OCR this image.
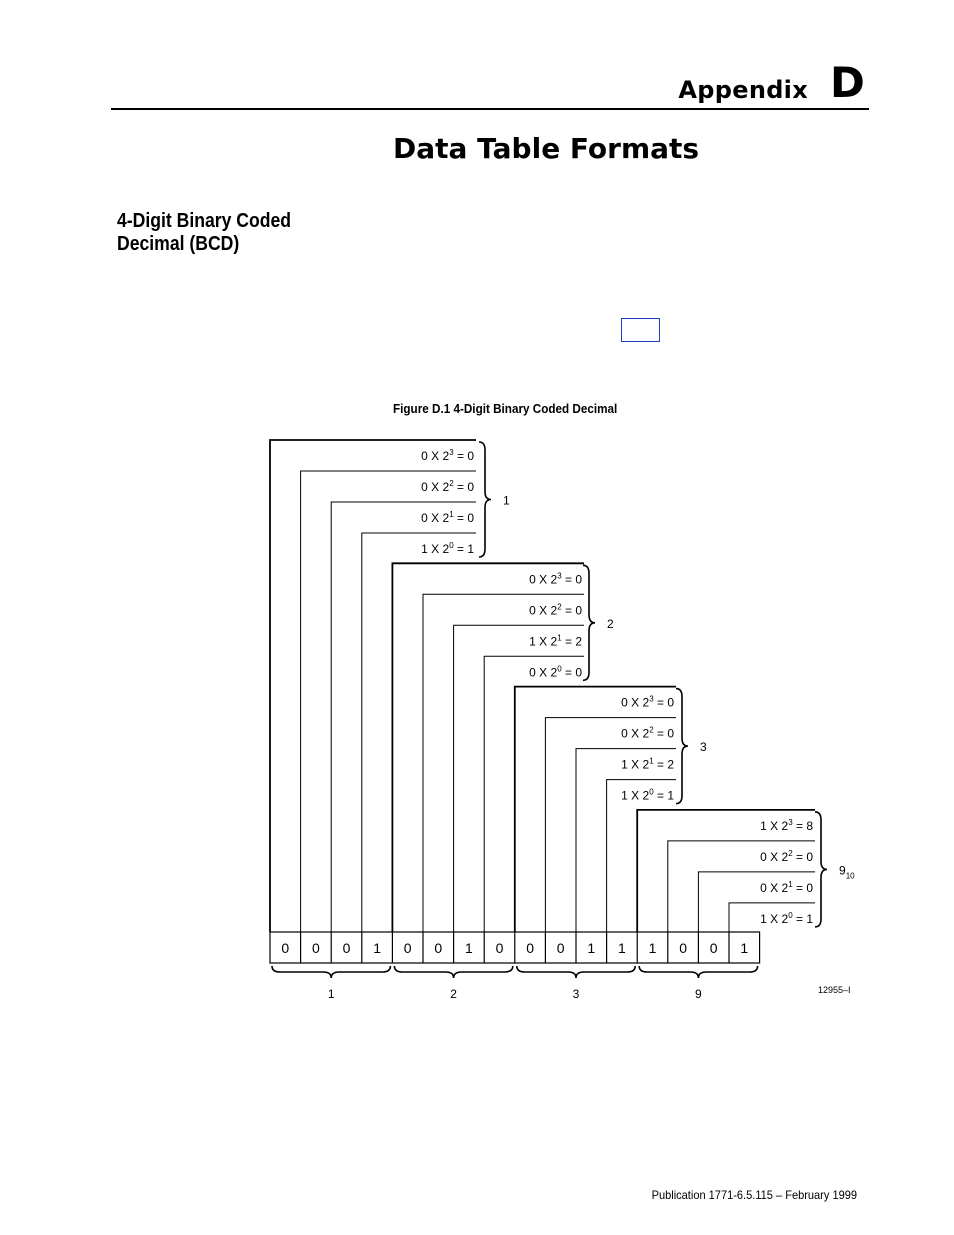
Appendix D
Data Table Formats
4-Digit Binary Coded
Decimal (BCD)
Figure D.1 4-Digit Binary Coded Decimal
0 0 0 1 0 0 1 0 0 0 1 1 1 0 0 1
0 X $2^3 = 0$
0 X $2^2 = 0$
0 X $2^1 = 0$
1 X $2^0 = 1$
1
1
0 X $2^3 = 0$
0 X $2^2 = 0$
1 X $2^1 = 2$
0 X $2^0 = 0$
2
2
0 X $2^3 = 0$
0 X $2^2 = 0$
1 X $2^1 = 2$
1 X $2^0 = 1$
3
3
1 X $2^3 = 8$
0 X $2^2 = 0$
0 X $2^1 = 0$
1 X $2^0 = 1$
$9_{10}$
9	12955–I
Publication 1771-6.5.115 – February 1999
